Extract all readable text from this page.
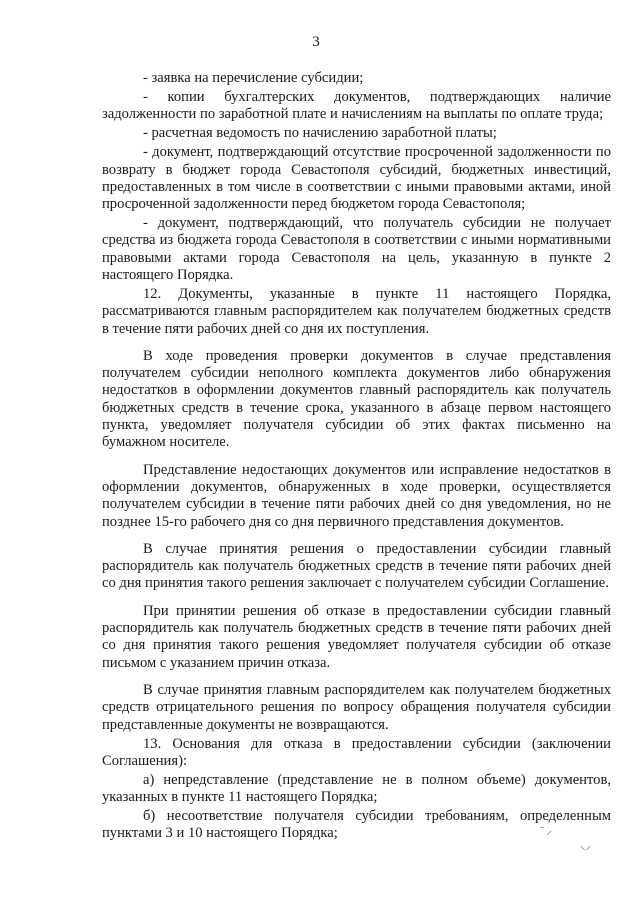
3

- заявка на перечисление субсидии;

- копии бухгалтерских документов, подтверждающих наличие задолженности по заработной плате и начислениям на выплаты по оплате труда;

- расчетная ведомость по начислению заработной платы;

- документ, подтверждающий отсутствие просроченной задолженности по возврату в бюджет города Севастополя субсидий, бюджетных инвестиций, предоставленных в том числе в соответствии с иными правовыми актами, иной просроченной задолженности перед бюджетом города Севастополя;

- документ, подтверждающий, что получатель субсидии не получает средства из бюджета города Севастополя в соответствии с иными нормативными правовыми актами города Севастополя на цель, указанную в пункте 2 настоящего Порядка.

12. Документы, указанные в пункте 11 настоящего Порядка, рассматриваются главным распорядителем как получателем бюджетных средств в течение пяти рабочих дней со дня их поступления.

В ходе проведения проверки документов в случае представления получателем субсидии неполного комплекта документов либо обнаружения недостатков в оформлении документов главный распорядитель как получатель бюджетных средств в течение срока, указанного в абзаце первом настоящего пункта, уведомляет получателя субсидии об этих фактах письменно на бумажном носителе.

Представление недостающих документов или исправление недостатков в оформлении документов, обнаруженных в ходе проверки, осуществляется получателем субсидии в течение пяти рабочих дней со дня уведомления, но не позднее 15-го рабочего дня со дня первичного представления документов.

В случае принятия решения о предоставлении субсидии главный распорядитель как получатель бюджетных средств в течение пяти рабочих дней со дня принятия такого решения заключает с получателем субсидии Соглашение.

При принятии решения об отказе в предоставлении субсидии главный распорядитель как получатель бюджетных средств в течение пяти рабочих дней со дня принятия такого решения уведомляет получателя субсидии об отказе письмом с указанием причин отказа.

В случае принятия главным распорядителем как получателем бюджетных средств отрицательного решения по вопросу обращения получателя субсидии представленные документы не возвращаются.

13. Основания для отказа в предоставлении субсидии (заключении Соглашения):

а) непредставление (представление не в полном объеме) документов, указанных в пункте 11 настоящего Порядка;

б) несоответствие получателя субсидии требованиям, определенным пунктами 3 и 10 настоящего Порядка;	˜ ⸝
⸌⸍
